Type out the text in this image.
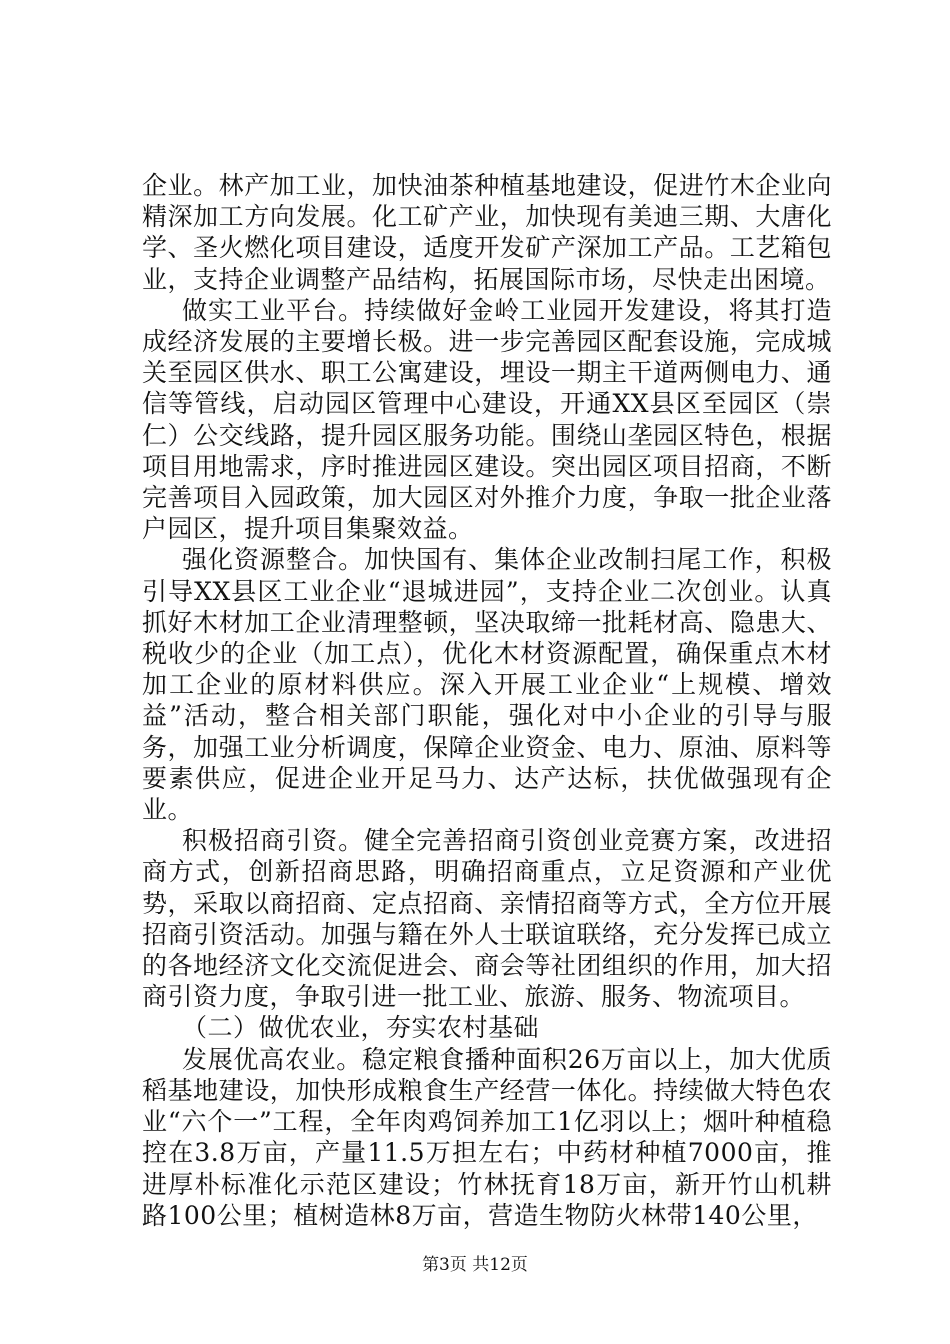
企业。林产加工业，加快油茶种植基地建设，促进竹木企业向精深加工方向发展。化工矿产业，加快现有美迪三期、大唐化学、圣火燃化项目建设，适度开发矿产深加工产品。工艺箱包业，支持企业调整产品结构，拓展国际市场，尽快走出困境。

做实工业平台。持续做好金岭工业园开发建设，将其打造成经济发展的主要增长极。进一步完善园区配套设施，完成城关至园区供水、职工公寓建设，埋设一期主干道两侧电力、通信等管线，启动园区管理中心建设，开通XX县区至园区（崇仁）公交线路，提升园区服务功能。围绕山垄园区特色，根据项目用地需求，序时推进园区建设。突出园区项目招商，不断完善项目入园政策，加大园区对外推介力度，争取一批企业落户园区，提升项目集聚效益。

强化资源整合。加快国有、集体企业改制扫尾工作，积极引导XX县区工业企业“退城进园”，支持企业二次创业。认真抓好木材加工企业清理整顿，坚决取缔一批耗材高、隐患大、税收少的企业（加工点），优化木材资源配置，确保重点木材加工企业的原材料供应。深入开展工业企业“上规模、增效益”活动，整合相关部门职能，强化对中小企业的引导与服务，加强工业分析调度，保障企业资金、电力、原油、原料等要素供应，促进企业开足马力、达产达标，扶优做强现有企业。

积极招商引资。健全完善招商引资创业竞赛方案，改进招商方式，创新招商思路，明确招商重点，立足资源和产业优势，采取以商招商、定点招商、亲情招商等方式，全方位开展招商引资活动。加强与籍在外人士联谊联络，充分发挥已成立的各地经济文化交流促进会、商会等社团组织的作用，加大招商引资力度，争取引进一批工业、旅游、服务、物流项目。

（二）做优农业，夯实农村基础

发展优高农业。稳定粮食播种面积26万亩以上，加大优质稻基地建设，加快形成粮食生产经营一体化。持续做大特色农业“六个一”工程，全年肉鸡饲养加工1亿羽以上；烟叶种植稳控在3.8万亩，产量11.5万担左右；中药材种植7000亩，推进厚朴标准化示范区建设；竹林抚育18万亩，新开竹山机耕路100公里；植树造林8万亩，营造生物防火林带140公里，

第3页 共12页
